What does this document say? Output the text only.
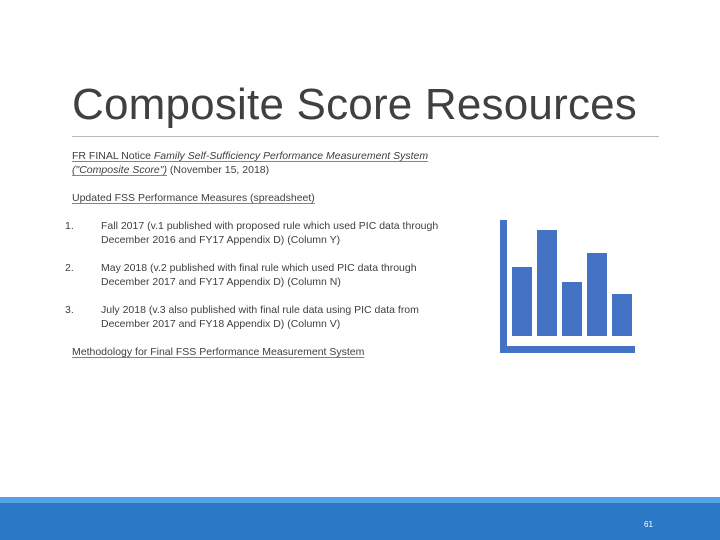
Composite Score Resources
FR FINAL Notice Family Self-Sufficiency Performance Measurement System ("Composite Score") (November 15, 2018)
Updated FSS Performance Measures (spreadsheet)
1.	Fall 2017 (v.1 published with proposed rule which used PIC data through December 2016 and FY17 Appendix D) (Column Y)
2.	May 2018 (v.2 published with final rule which used PIC data through December 2017 and FY17 Appendix D) (Column N)
3.	July 2018 (v.3 also published with final rule data using PIC data from December 2017 and FY18 Appendix D) (Column V)
Methodology for Final FSS Performance Measurement System
61
